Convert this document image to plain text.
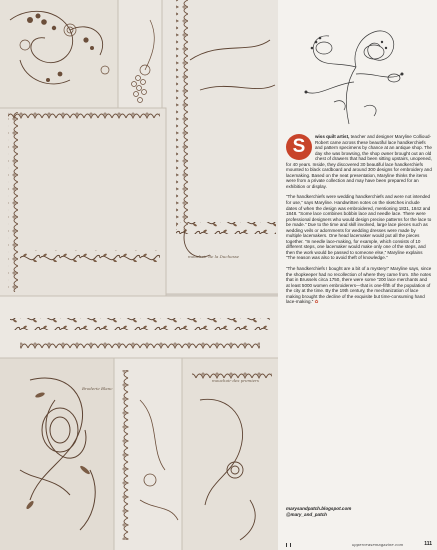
mouchoir de la Duchesse
mouchoir des premiers
Broderie Blanc

S	wiss quilt artist, teacher and designer Maryline Collioud-Robert came across these beautiful lace handkerchiefs and pattern specimens by chance at an antique shop. The day she was browsing, the shop owner brought out an old chest of drawers that had been sitting upstairs, unopened, for 40 years. Inside, they discovered 30 beautiful lace handkerchiefs mounted to black cardboard and around 300 designs for embroidery and lacemaking. Based on the neat presentation, Maryline thinks the items were from a private collection and may have been prepared for an exhibition or display.

“The handkerchiefs were wedding handkerchiefs and were not intended for use,” says Maryline. Handwritten notes on the sketches include dates of when the design was embroidered, mentioning 1831, 1842 and 1848. “Some lace combines bobbin lace and needle lace. There were professional designers who would design precise patterns for the lace to be made.” Due to the time and skill involved, large lace pieces such as wedding veils or adornments for wedding dresses were made by multiple lacemakers. One head lacemaker would put all the pieces together. “In needle lace-making, for example, which consists of 10 different steps, one lacemaker would make only one of the steps, and then the work would be passed to someone else,” Maryline explains “The reason was also to avoid theft of knowledge.”

“The handkerchiefs I bought are a bit of a mystery!” Maryline says, since the shopkeeper had no recollection of where they came from. She notes that in Brussels circa 1750, there were some “200 lace merchants and at least 5000 women embroiderers—that is one-fifth of the population of the city at the time. By the 19th century, the mechanization of lace making brought the decline of the exquisite but time-consuming hand lace-making.” ✿

marysandpatch.blogspot.com
@mary_and_patch
upperceasemagazine.com	111
